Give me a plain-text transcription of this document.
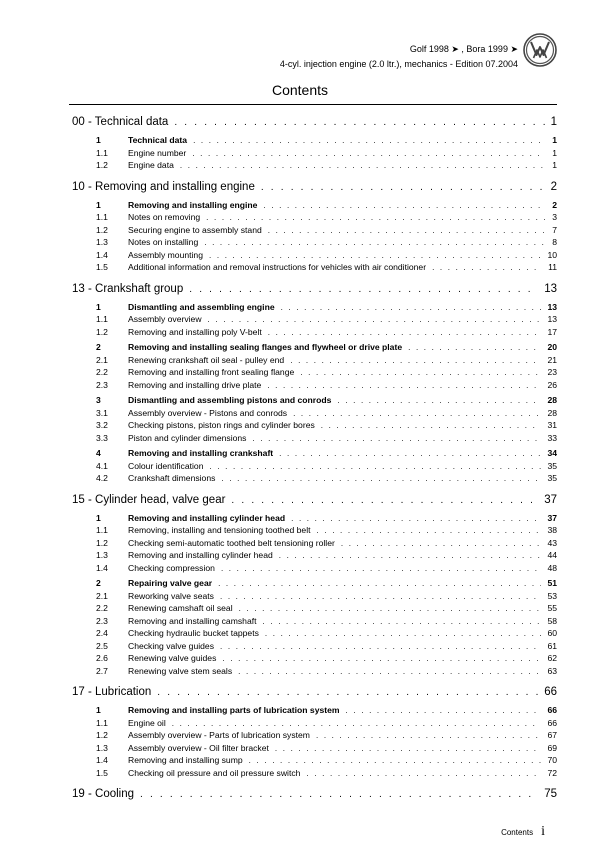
Golf 1998 ➤ , Bora 1999 ➤
4-cyl. injection engine (2.0 ltr.), mechanics - Edition 07.2004
Contents
00 - Technical data . . .	1
1	Technical data . . .	1
1.1	Engine number . . .	1
1.2	Engine data . . .	1
10 - Removing and installing engine . . .	2
1	Removing and installing engine . . .	2
1.1	Notes on removing . . .	3
1.2	Securing engine to assembly stand . . .	7
1.3	Notes on installing . . .	8
1.4	Assembly mounting . . .	10
1.5	Additional information and removal instructions for vehicles with air conditioner . . .	11
13 - Crankshaft group . . .	13
1	Dismantling and assembling engine . . .	13
1.1	Assembly overview . . .	13
1.2	Removing and installing poly V-belt . . .	17
2	Removing and installing sealing flanges and flywheel or drive plate . . .	20
2.1	Renewing crankshaft oil seal - pulley end . . .	21
2.2	Removing and installing front sealing flange . . .	23
2.3	Removing and installing drive plate . . .	26
3	Dismantling and assembling pistons and conrods . . .	28
3.1	Assembly overview - Pistons and conrods . . .	28
3.2	Checking pistons, piston rings and cylinder bores . . .	31
3.3	Piston and cylinder dimensions . . .	33
4	Removing and installing crankshaft . . .	34
4.1	Colour identification . . .	35
4.2	Crankshaft dimensions . . .	35
15 - Cylinder head, valve gear . . .	37
1	Removing and installing cylinder head . . .	37
1.1	Removing, installing and tensioning toothed belt . . .	38
1.2	Checking semi-automatic toothed belt tensioning roller . . .	43
1.3	Removing and installing cylinder head . . .	44
1.4	Checking compression . . .	48
2	Repairing valve gear . . .	51
2.1	Reworking valve seats . . .	53
2.2	Renewing camshaft oil seal . . .	55
2.3	Removing and installing camshaft . . .	58
2.4	Checking hydraulic bucket tappets . . .	60
2.5	Checking valve guides . . .	61
2.6	Renewing valve guides . . .	62
2.7	Renewing valve stem seals . . .	63
17 - Lubrication . . .	66
1	Removing and installing parts of lubrication system . . .	66
1.1	Engine oil . . .	66
1.2	Assembly overview - Parts of lubrication system . . .	67
1.3	Assembly overview - Oil filter bracket . . .	69
1.4	Removing and installing sump . . .	70
1.5	Checking oil pressure and oil pressure switch . . .	72
19 - Cooling . . .	75
Contents i
